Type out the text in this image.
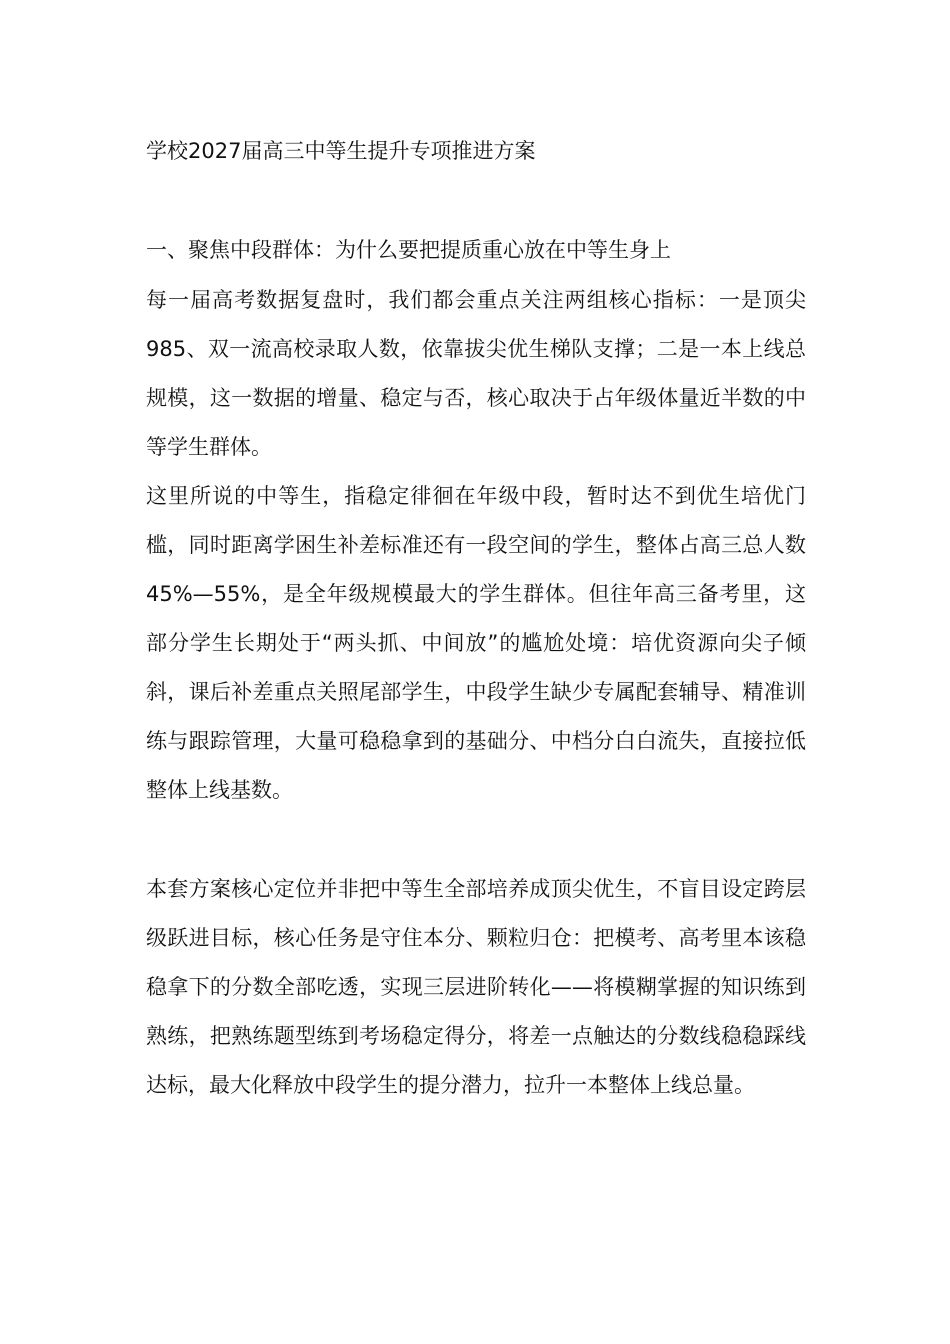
学校2027届高三中等生提升专项推进方案
一、聚焦中段群体：为什么要把提质重心放在中等生身上

每一届高考数据复盘时，我们都会重点关注两组核心指标：一是顶尖985、双一流高校录取人数，依靠拔尖优生梯队支撑；二是一本上线总规模，这一数据的增量、稳定与否，核心取决于占年级体量近半数的中等学生群体。

这里所说的中等生，指稳定徘徊在年级中段，暂时达不到优生培优门槛，同时距离学困生补差标准还有一段空间的学生，整体占高三总人数45%—55%，是全年级规模最大的学生群体。但往年高三备考里，这部分学生长期处于“两头抓、中间放”的尴尬处境：培优资源向尖子倾斜，课后补差重点关照尾部学生，中段学生缺少专属配套辅导、精准训练与跟踪管理，大量可稳稳拿到的基础分、中档分白白流失，直接拉低整体上线基数。

本套方案核心定位并非把中等生全部培养成顶尖优生，不盲目设定跨层级跃进目标，核心任务是守住本分、颗粒归仓：把模考、高考里本该稳稳拿下的分数全部吃透，实现三层进阶转化——将模糊掌握的知识练到熟练，把熟练题型练到考场稳定得分，将差一点触达的分数线稳稳踩线达标，最大化释放中段学生的提分潜力，拉升一本整体上线总量。
